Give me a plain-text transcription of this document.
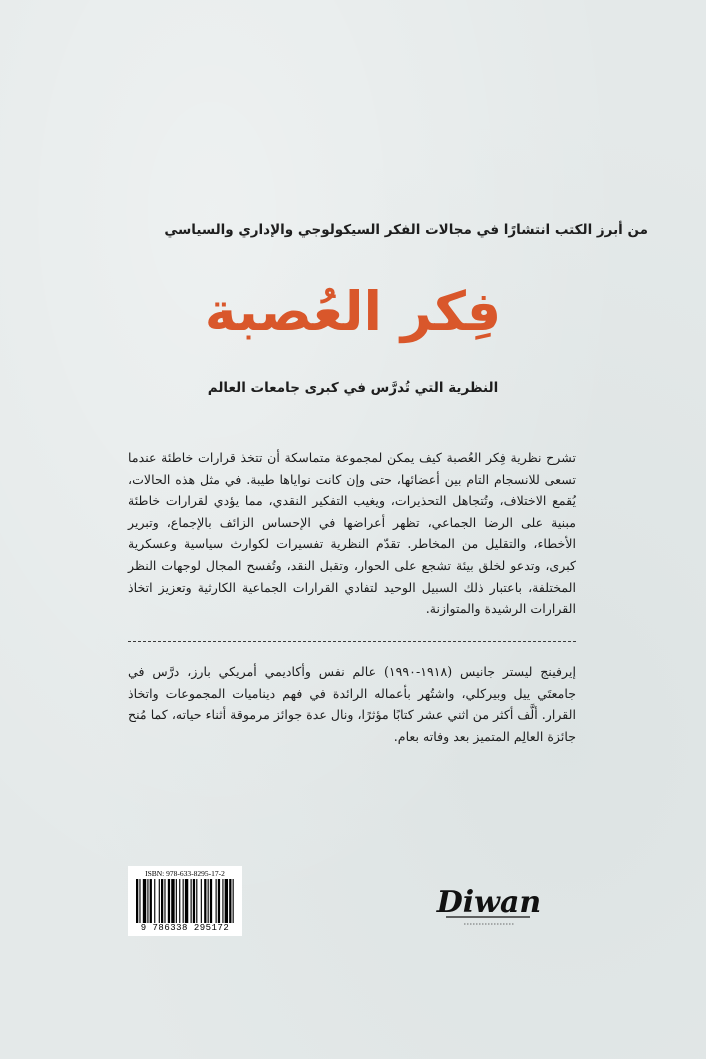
من أبرز الكتب انتشارًا في مجالات الفكر السيكولوجي والإداري والسياسي
فِكر العُصبة
النظرية التي تُدرَّس في كبرى جامعات العالم
تشرح نظرية فِكر العُصبة كيف يمكن لمجموعة متماسكة أن تتخذ قرارات خاطئة عندما تسعى للانسجام التام بين أعضائها، حتى وإن كانت نواياها طيبة. في مثل هذه الحالات، يُقمع الاختلاف، وتُتجاهل التحذيرات، ويغيب التفكير النقدي، مما يؤدي لقرارات خاطئة مبنية على الرضا الجماعي، تظهر أعراضها في الإحساس الزائف بالإجماع، وتبرير الأخطاء، والتقليل من المخاطر. تقدّم النظرية تفسيرات لكوارث سياسية وعسكرية كبرى، وتدعو لخلق بيئة تشجع على الحوار، وتقبل النقد، وتُفسح المجال لوجهات النظر المختلفة، باعتبار ذلك السبيل الوحيد لتفادي القرارات الجماعية الكارثية وتعزيز اتخاذ القرارات الرشيدة والمتوازنة.
إيرفينج ليستر جانيس (١٩١٨-١٩٩٠) عالم نفس وأكاديمي أمريكي بارز، درَّس في جامعتَي ييل وبيركلي، واشتُهر بأعماله الرائدة في فهم ديناميات المجموعات واتخاذ القرار. ألَّف أكثر من اثني عشر كتابًا مؤثرًا، ونال عدة جوائز مرموقة أثناء حياته، كما مُنح جائزة العالِم المتميز بعد وفاته بعام.
ISBN: 978-633-8295-17-2
9 786338 295172
Diwan
